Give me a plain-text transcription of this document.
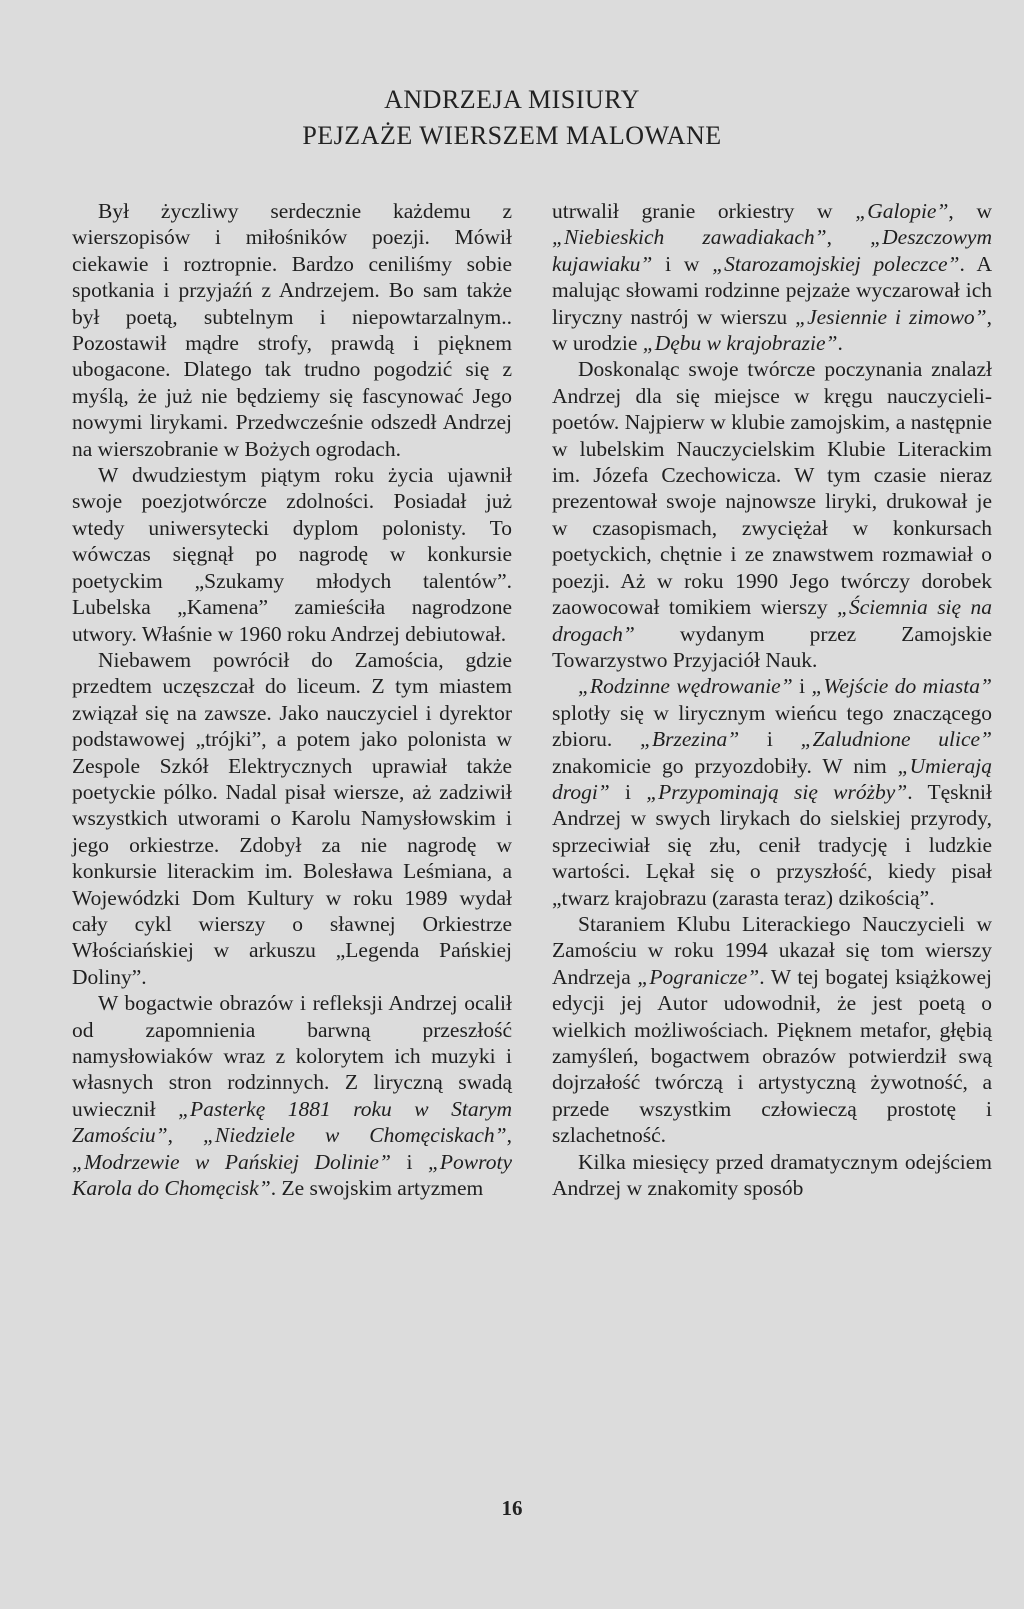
ANDRZEJA MISIURY
PEJZAŻE WIERSZEM MALOWANE

Był życzliwy serdecznie każdemu z wierszopisów i miłośników poezji. Mówił ciekawie i roztropnie. Bardzo ceniliśmy sobie spotkania i przyjaźń z Andrzejem. Bo sam także był poetą, subtelnym i niepowtarzalnym.. Pozostawił mądre strofy, prawdą i pięknem ubogacone. Dlatego tak trudno pogodzić się z myślą, że już nie będziemy się fascynować Jego nowymi lirykami. Przedwcześnie odszedł Andrzej na wierszobranie w Bożych ogrodach.

W dwudziestym piątym roku życia ujawnił swoje poezjotwórcze zdolności. Posiadał już wtedy uniwersytecki dyplom polonisty. To wówczas sięgnął po nagrodę w konkursie poetyckim „Szukamy młodych talentów”. Lubelska „Kamena” zamieściła nagrodzone utwory. Właśnie w 1960 roku Andrzej debiutował.

Niebawem powrócił do Zamościa, gdzie przedtem uczęszczał do liceum. Z tym miastem związał się na zawsze. Jako nauczyciel i dyrektor podstawowej „trójki”, a potem jako polonista w Zespole Szkół Elektrycznych uprawiał także poetyckie pólko. Nadal pisał wiersze, aż zadziwił wszystkich utworami o Karolu Namysłowskim i jego orkiestrze. Zdobył za nie nagrodę w konkursie literackim im. Bolesława Leśmiana, a Wojewódzki Dom Kultury w roku 1989 wydał cały cykl wierszy o sławnej Orkiestrze Włościańskiej w arkuszu „Legenda Pańskiej Doliny”.

W bogactwie obrazów i refleksji Andrzej ocalił od zapomnienia barwną przeszłość namysłowiaków wraz z kolorytem ich muzyki i własnych stron rodzinnych. Z liryczną swadą uwiecznił „Pasterkę 1881 roku w Starym Zamościu”, „Niedziele w Chomęciskach”, „Modrzewie w Pańskiej Dolinie” i „Powroty Karola do Chomęcisk”. Ze swojskim artyzmem

utrwalił granie orkiestry w „Galopie”, w „Niebieskich zawadiakach”, „Deszczowym kujawiaku” i w „Starozamojskiej poleczce”. A malując słowami rodzinne pejzaże wyczarował ich liryczny nastrój w wierszu „Jesiennie i zimowo”, w urodzie „Dębu w krajobrazie”.

Doskonaląc swoje twórcze poczynania znalazł Andrzej dla się miejsce w kręgu nauczycieli-poetów. Najpierw w klubie zamojskim, a następnie w lubelskim Nauczycielskim Klubie Literackim im. Józefa Czechowicza. W tym czasie nieraz prezentował swoje najnowsze liryki, drukował je w czasopismach, zwyciężał w konkursach poetyckich, chętnie i ze znawstwem rozmawiał o poezji. Aż w roku 1990 Jego twórczy dorobek zaowocował tomikiem wierszy „Ściemnia się na drogach” wydanym przez Zamojskie Towarzystwo Przyjaciół Nauk.

„Rodzinne wędrowanie” i „Wejście do miasta” splotły się w lirycznym wieńcu tego znaczącego zbioru. „Brzezina” i „Zaludnione ulice” znakomicie go przyozdobiły. W nim „Umierają drogi” i „Przypominają się wróżby”. Tęsknił Andrzej w swych lirykach do sielskiej przyrody, sprzeciwiał się złu, cenił tradycję i ludzkie wartości. Lękał się o przyszłość, kiedy pisał „twarz krajobrazu (zarasta teraz) dzikością”.

Staraniem Klubu Literackiego Nauczycieli w Zamościu w roku 1994 ukazał się tom wierszy Andrzeja „Pogranicze”. W tej bogatej książkowej edycji jej Autor udowodnił, że jest poetą o wielkich możliwościach. Pięknem metafor, głębią zamyśleń, bogactwem obrazów potwierdził swą dojrzałość twórczą i artystyczną żywotność, a przede wszystkim człowieczą prostotę i szlachetność.

Kilka miesięcy przed dramatycznym odejściem Andrzej w znakomity sposób

16
